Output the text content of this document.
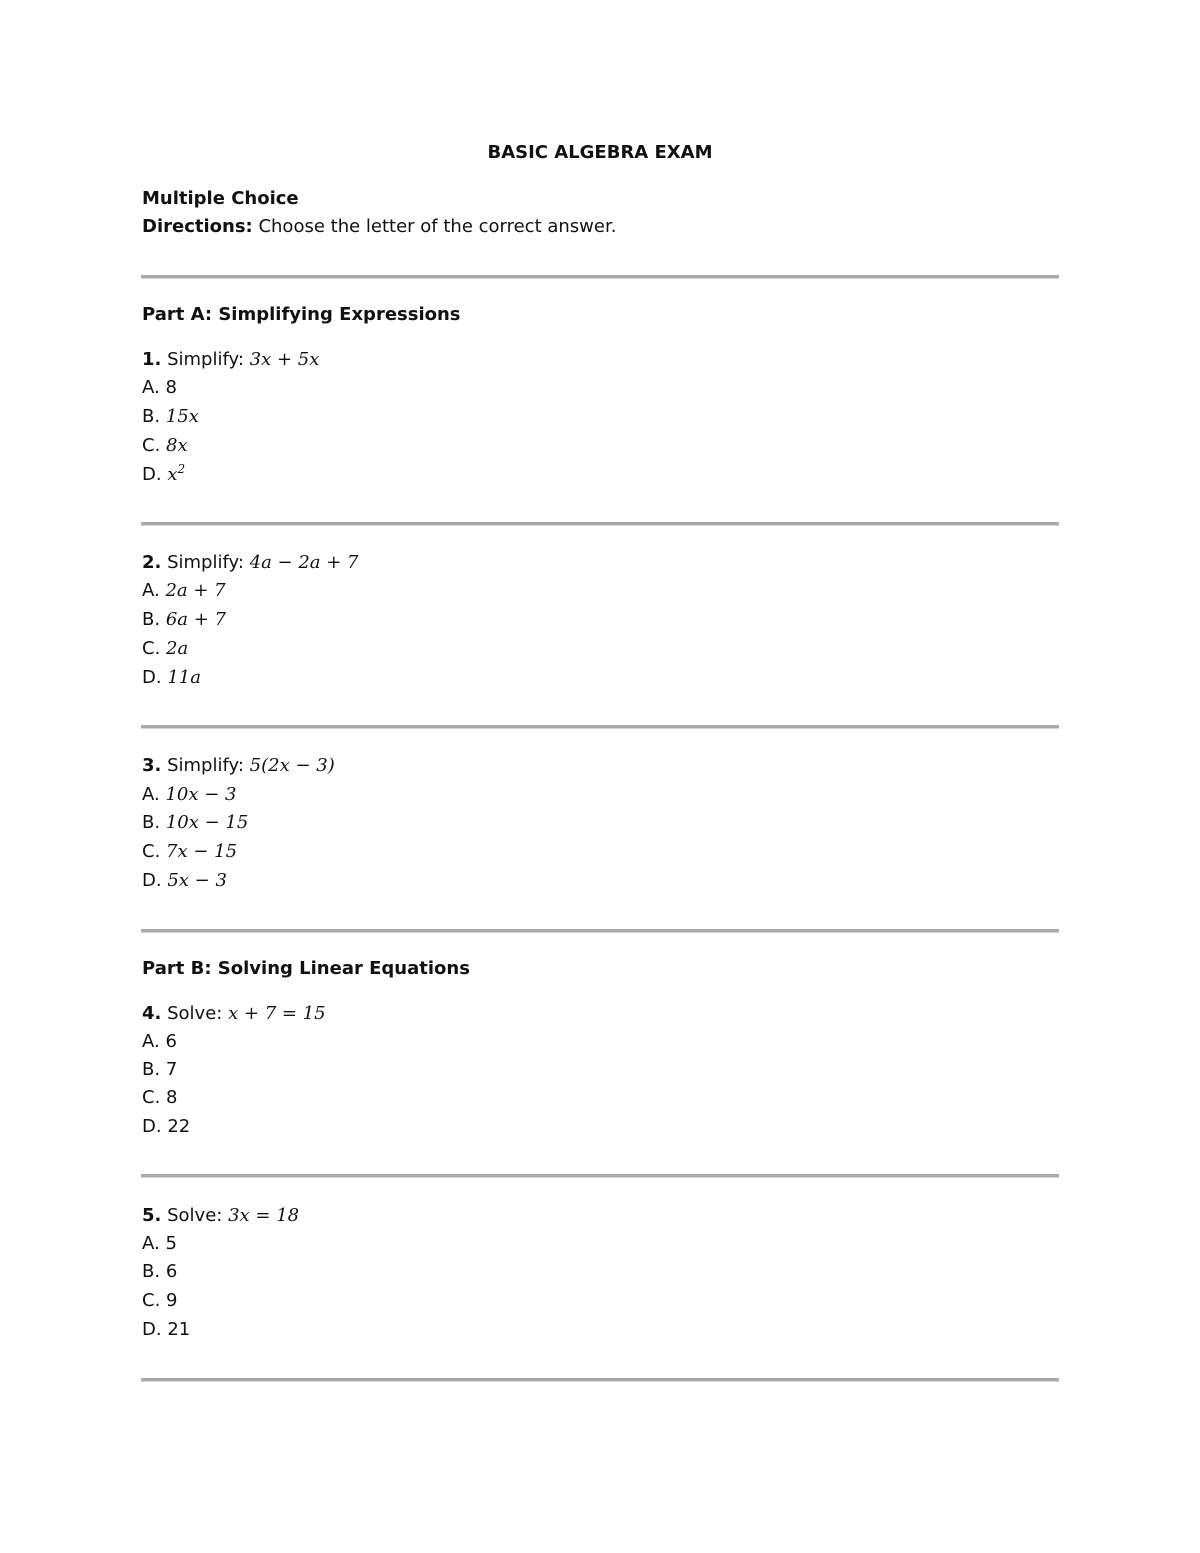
BASIC ALGEBRA EXAM
Multiple Choice
Directions: Choose the letter of the correct answer.
Part A: Simplifying Expressions
1. Simplify: 3x + 5x
A. 8
B. 15x
C. 8x
D. $x^2$
2. Simplify: 4a − 2a + 7
A. 2a + 7
B. 6a + 7
C. 2a
D. 11a
3. Simplify: 5(2x − 3)
A. 10x − 3
B. 10x − 15
C. 7x − 15
D. 5x − 3
Part B: Solving Linear Equations
4. Solve: x + 7 = 15
A. 6
B. 7
C. 8
D. 22
5. Solve: 3x = 18
A. 5
B. 6
C. 9
D. 21
